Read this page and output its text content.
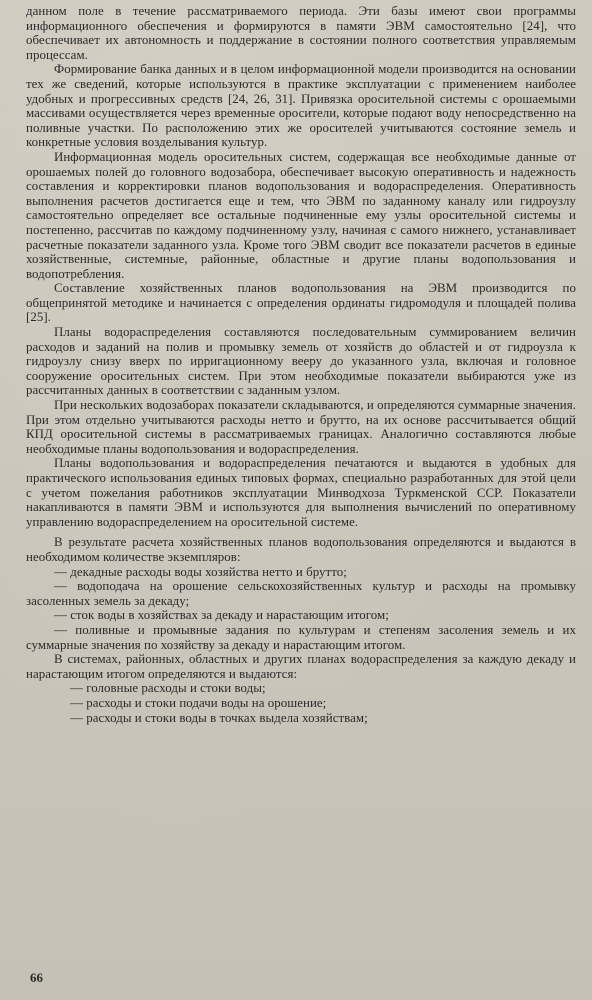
данном поле в течение рассматриваемого периода. Эти базы имеют свои программы информационного обеспечения и формируются в памяти ЭВМ самостоятельно [24], что обеспечивает их автономность и поддержание в состоянии полного соответствия управляемым процессам.

Формирование банка данных и в целом информационной модели производится на основании тех же сведений, которые используются в практике эксплуатации с применением наиболее удобных и прогрессивных средств [24, 26, 31]. Привязка оросительной системы с орошаемыми массивами осуществляется через временные оросители, которые подают воду непосредственно на поливные участки. По расположению этих же оросителей учитываются состояние земель и конкретные условия возделывания культур.

Информационная модель оросительных систем, содержащая все необходимые данные от орошаемых полей до головного водозабора, обеспечивает высокую оперативность и надежность составления и корректировки планов водопользования и водораспределения. Оперативность выполнения расчетов достигается еще и тем, что ЭВМ по заданному каналу или гидроузлу самостоятельно определяет все остальные подчиненные ему узлы оросительной системы и постепенно, рассчитав по каждому подчиненному узлу, начиная с самого нижнего, устанавливает расчетные показатели заданного узла. Кроме того ЭВМ сводит все показатели расчетов в единые хозяйственные, системные, районные, областные и другие планы водопользования и водопотребления.

Составление хозяйственных планов водопользования на ЭВМ производится по общепринятой методике и начинается с определения ординаты гидромодуля и площадей полива [25].

Планы водораспределения составляются последовательным суммированием величин расходов и заданий на полив и промывку земель от хозяйств до областей и от гидроузла к гидроузлу снизу вверх по ирригационному вееру до указанного узла, включая и головное сооружение оросительных систем. При этом необходимые показатели выбираются уже из рассчитанных данных в соответствии с заданным узлом.

При нескольких водозаборах показатели складываются, и определяются суммарные значения. При этом отдельно учитываются расходы нетто и брутто, на их основе рассчитывается общий КПД оросительной системы в рассматриваемых границах. Аналогично составляются любые необходимые планы водопользования и водораспределения.

Планы водопользования и водораспределения печатаются и выдаются в удобных для практического использования единых типовых формах, специально разработанных для этой цели с учетом пожелания работников эксплуатации Минводхоза Туркменской ССР. Показатели накапливаются в памяти ЭВМ и используются для выполнения вычислений по оперативному управлению водораспределением на оросительной системе.

В результате расчета хозяйственных планов водопользования определяются и выдаются в необходимом количестве экземпляров:

— декадные расходы воды хозяйства нетто и брутто;
— водоподача на орошение сельскохозяйственных культур и расходы на промывку засоленных земель за декаду;
— сток воды в хозяйствах за декаду и нарастающим итогом;
— поливные и промывные задания по культурам и степеням засоления земель и их суммарные значения по хозяйству за декаду и нарастающим итогом.

В системах, районных, областных и других планах водораспределения за каждую декаду и нарастающим итогом определяются и выдаются:

— головные расходы и стоки воды;
— расходы и стоки подачи воды на орошение;
— расходы и стоки воды в точках выдела хозяйствам;
66
